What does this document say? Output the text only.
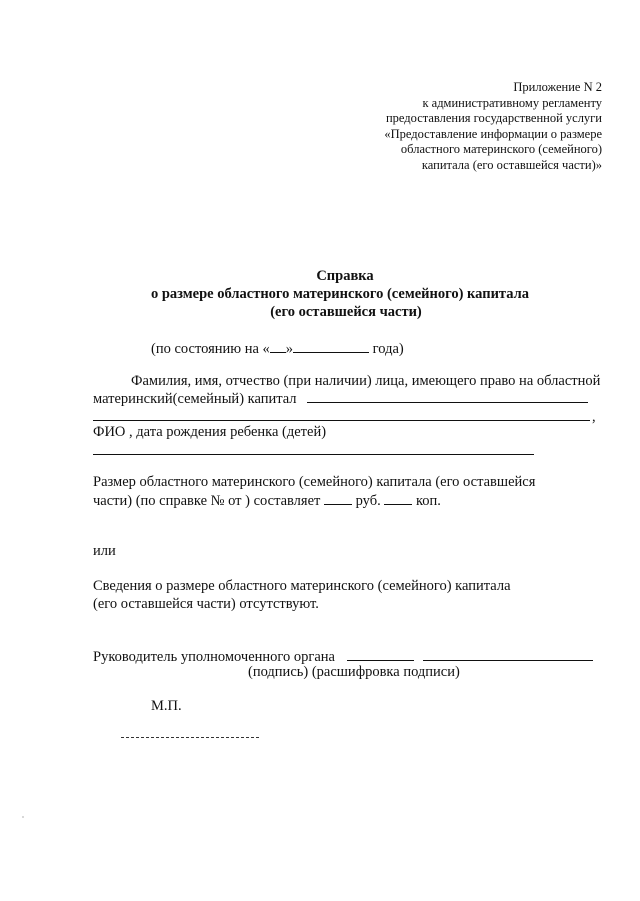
Приложение N 2
к административному регламенту
предоставления государственной услуги
«Предоставление информации о размере
областного материнского (семейного)
капитала (его оставшейся части)»
Справка
о размере областного материнского (семейного) капитала
(его оставшейся части)
(по состоянию на « »	года)
Фамилия, имя, отчество (при наличии) лица, имеющего право на областной
материнский(семейный) капитал
,
ФИО , дата рождения ребенка (детей)
Размер областного материнского (семейного) капитала (его оставшейся
части) (по справке № от ) составляет руб. коп.
или
Сведения о размере областного материнского (семейного) капитала
(его оставшейся части) отсутствуют.
Руководитель уполномоченного органа
(подпись) (расшифровка подписи)
М.П.
